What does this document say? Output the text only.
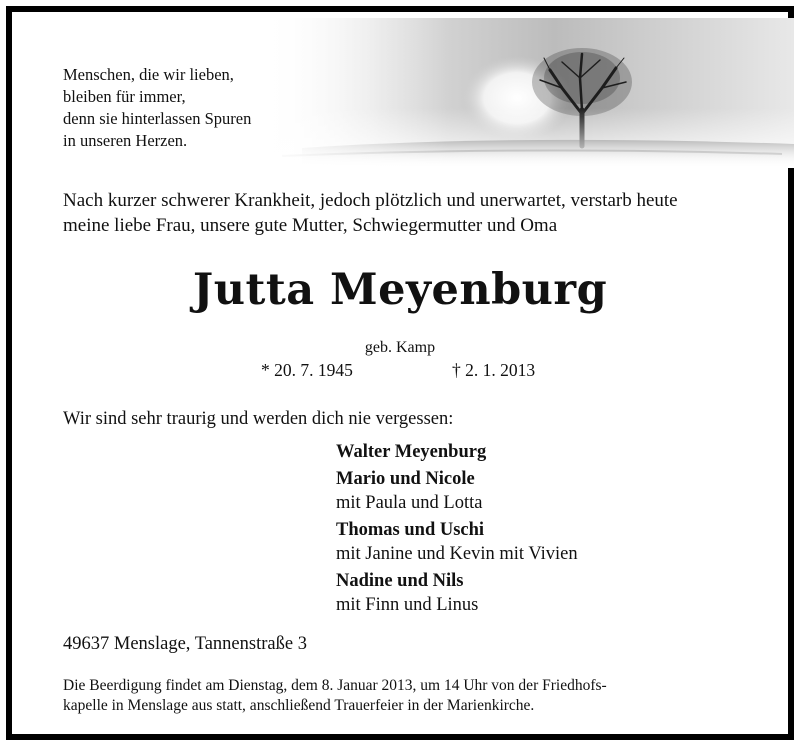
Menschen, die wir lieben,
bleiben für immer,
denn sie hinterlassen Spuren
in unseren Herzen.
Nach kurzer schwerer Krankheit, jedoch plötzlich und unerwartet, verstarb heute
meine liebe Frau, unsere gute Mutter, Schwiegermutter und Oma
Jutta Meyenburg
geb. Kamp
* 20. 7. 1945	† 2. 1. 2013
Wir sind sehr traurig und werden dich nie vergessen:
Walter Meyenburg
Mario und Nicole
mit Paula und Lotta
Thomas und Uschi
mit Janine und Kevin mit Vivien
Nadine und Nils
mit Finn und Linus
49637 Menslage, Tannenstraße 3
Die Beerdigung findet am Dienstag, dem 8. Januar 2013, um 14 Uhr von der Friedhofs-
kapelle in Menslage aus statt, anschließend Trauerfeier in der Marienkirche.
